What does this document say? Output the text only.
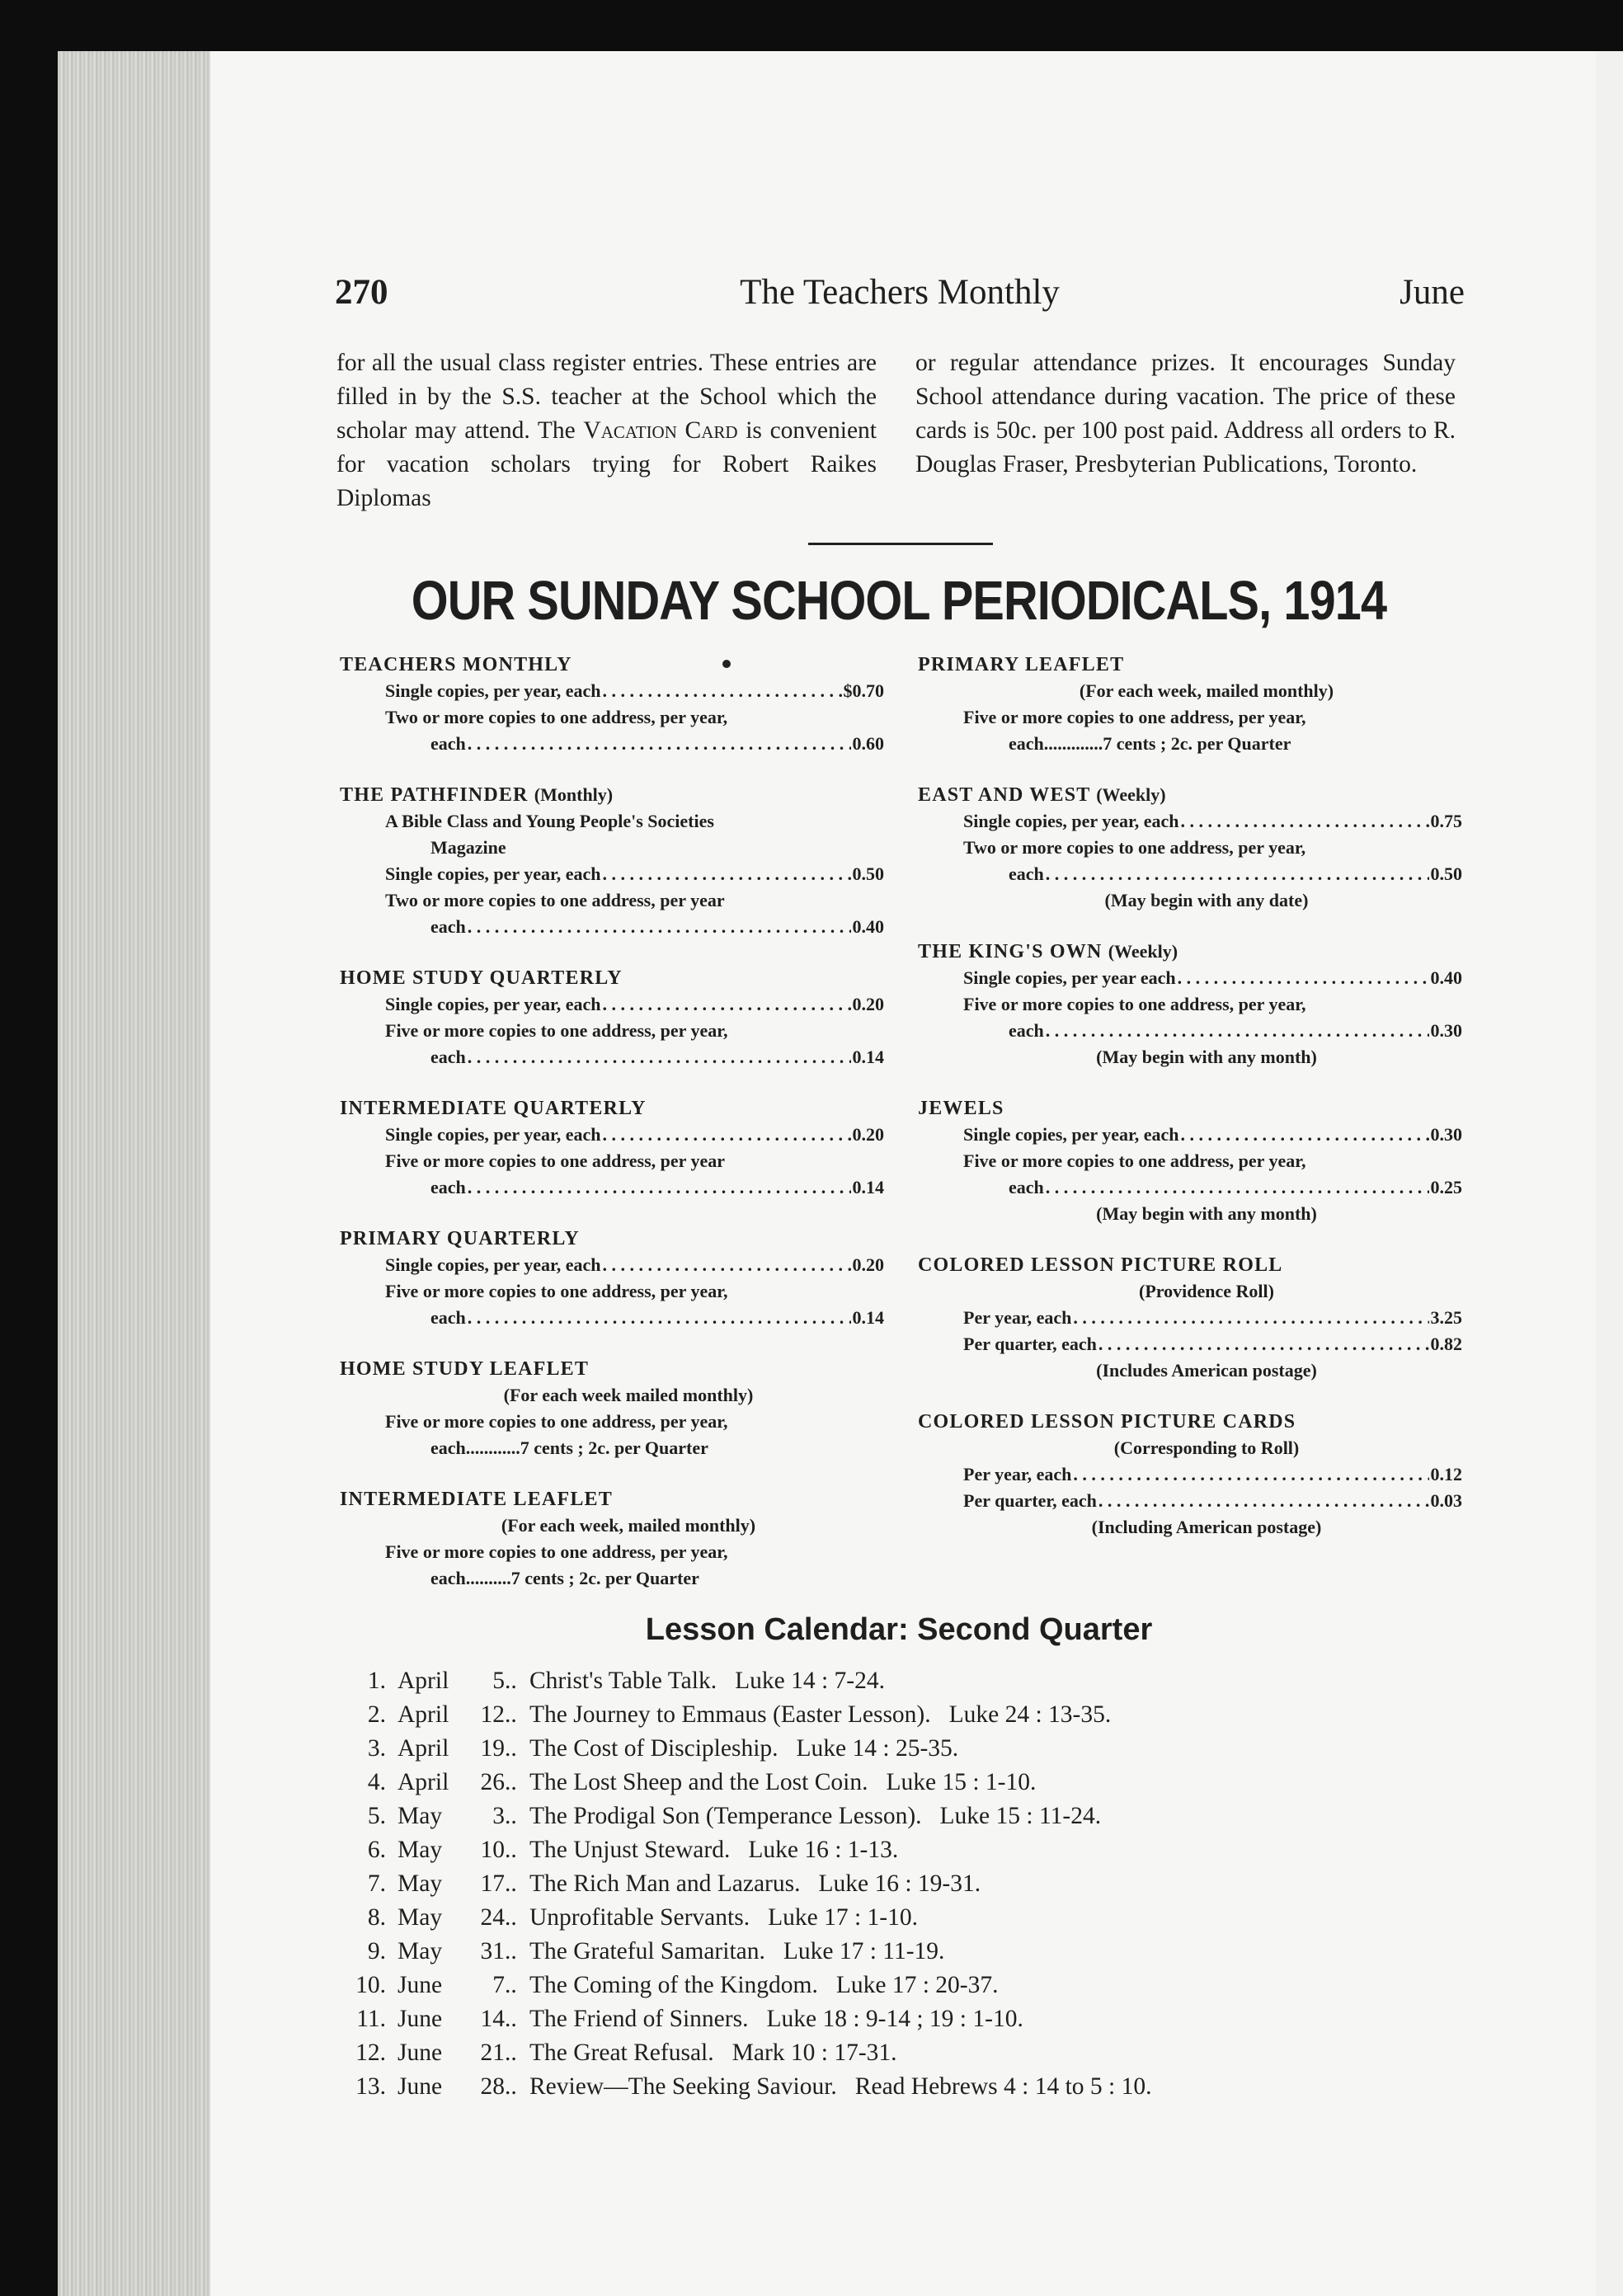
The Teachers Monthly
270	June

for all the usual class register entries. These entries are filled in by the S.S. teacher at the School which the scholar may attend. The Vacation Card is convenient for vacation scholars trying for Robert Raikes Diplomas

or regular attendance prizes. It encourages Sunday School attendance during vacation. The price of these cards is 50c. per 100 post paid. Address all orders to R. Douglas Fraser, Presbyterian Publications, Toronto.

OUR SUNDAY SCHOOL PERIODICALS, 1914
TEACHERS MONTHLY
Single copies, per year, each . . .	$0.70
Two or more copies to one address, per year,
each . . .	0.60
THE PATHFINDER (Monthly)
A Bible Class and Young People's Societies
Magazine
Single copies, per year, each . . .	0.50
Two or more copies to one address, per year
each . . .	0.40
HOME STUDY QUARTERLY
Single copies, per year, each . . .	0.20
Five or more copies to one address, per year,
each . . .	0.14
INTERMEDIATE QUARTERLY
Single copies, per year, each . . .	0.20
Five or more copies to one address, per year
each . . .	0.14
PRIMARY QUARTERLY
Single copies, per year, each . . .	0.20
Five or more copies to one address, per year,
each . . .	0.14
HOME STUDY LEAFLET
(For each week mailed monthly)
Five or more copies to one address, per year,
each............7 cents ; 2c. per Quarter
INTERMEDIATE LEAFLET
(For each week, mailed monthly)
Five or more copies to one address, per year,
each..........7 cents ; 2c. per Quarter
PRIMARY LEAFLET
(For each week, mailed monthly)
Five or more copies to one address, per year,
each.............7 cents ; 2c. per Quarter
EAST AND WEST (Weekly)
Single copies, per year, each . . .	0.75
Two or more copies to one address, per year,
each . . .	0.50
(May begin with any date)
THE KING'S OWN (Weekly)
Single copies, per year each . . .	0.40
Five or more copies to one address, per year,
each . . .	0.30
(May begin with any month)
JEWELS
Single copies, per year, each . . .	0.30
Five or more copies to one address, per year,
each . . .	0.25
(May begin with any month)
COLORED LESSON PICTURE ROLL
(Providence Roll)
Per year, each . . .	3.25
Per quarter, each . . .	0.82
(Includes American postage)
COLORED LESSON PICTURE CARDS
(Corresponding to Roll)
Per year, each . . .	0.12
Per quarter, each . . .	0.03
(Including American postage)
Lesson Calendar: Second Quarter
1. April	5 .. Christ's Table Talk. Luke 14 : 7-24.
2. April	12 .. The Journey to Emmaus (Easter Lesson). Luke 24 : 13-35.
3. April	19 .. The Cost of Discipleship. Luke 14 : 25-35.
4. April	26 .. The Lost Sheep and the Lost Coin. Luke 15 : 1-10.
5. May	3 .. The Prodigal Son (Temperance Lesson). Luke 15 : 11-24.
6. May	10 .. The Unjust Steward. Luke 16 : 1-13.
7. May	17 .. The Rich Man and Lazarus. Luke 16 : 19-31.
8. May	24 .. Unprofitable Servants. Luke 17 : 1-10.
9. May	31 .. The Grateful Samaritan. Luke 17 : 11-19.
10. June	7 .. The Coming of the Kingdom. Luke 17 : 20-37.
11. June	14 .. The Friend of Sinners. Luke 18 : 9-14 ; 19 : 1-10.
12. June	21 .. The Great Refusal. Mark 10 : 17-31.
13. June	28 .. Review—The Seeking Saviour. Read Hebrews 4 : 14 to 5 : 10.
